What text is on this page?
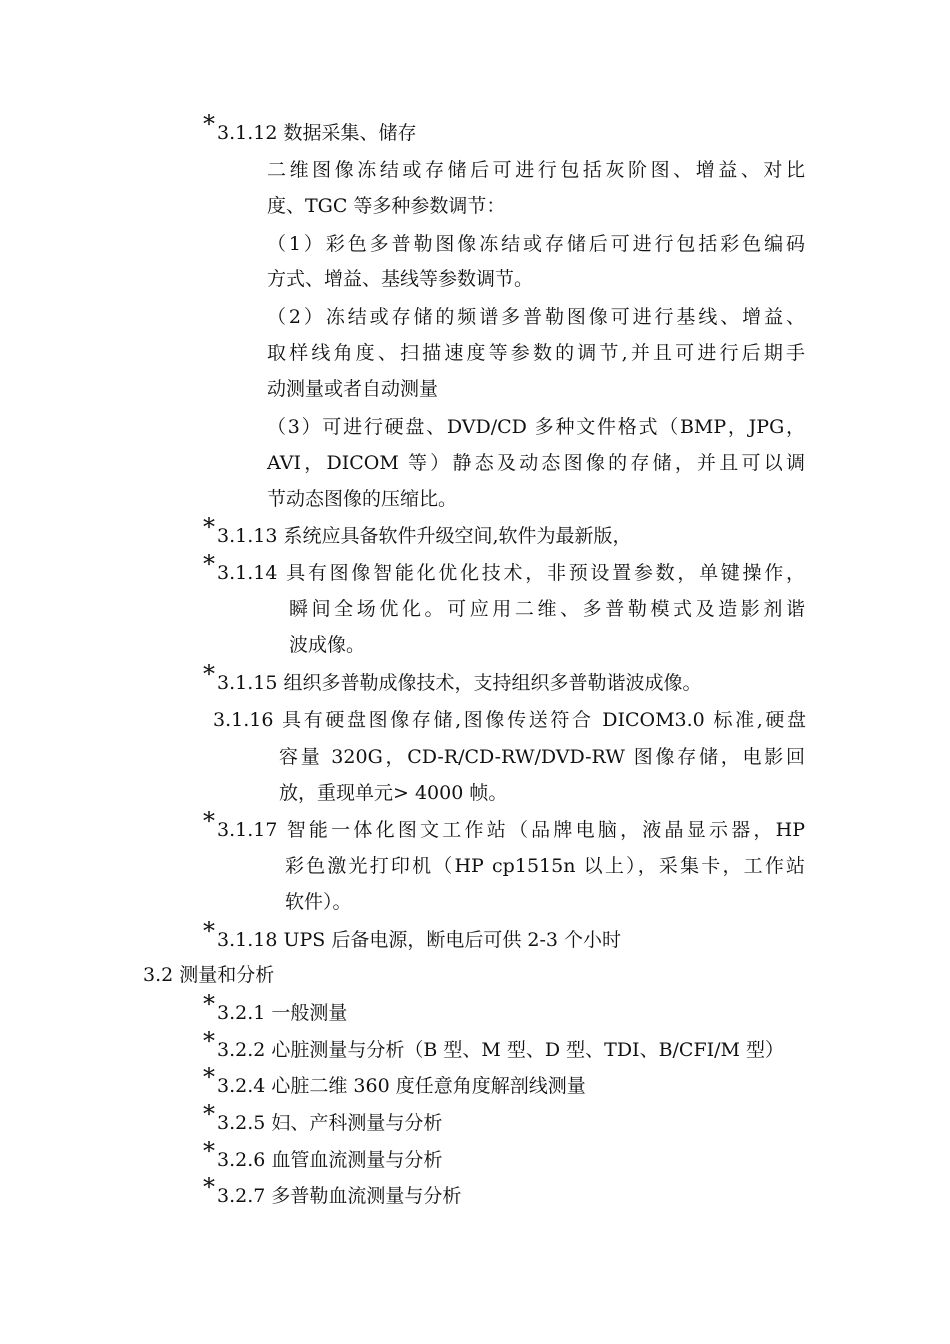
* 3.1.12 数据采集、储存
二维图像冻结或存储后可进行包括灰阶图、增益、对比
度、TGC 等多种参数调节：
（1）彩色多普勒图像冻结或存储后可进行包括彩色编码
方式、增益、基线等参数调节。
（2）冻结或存储的频谱多普勒图像可进行基线、增益、
取样线角度、扫描速度等参数的调节,并且可进行后期手
动测量或者自动测量
（3）可进行硬盘、DVD/CD 多种文件格式（BMP，JPG，
AVI，DICOM 等）静态及动态图像的存储，并且可以调
节动态图像的压缩比。
* 3.1.13 系统应具备软件升级空间,软件为最新版，
* 3.1.14 具有图像智能化优化技术，非预设置参数，单键操作，
瞬间全场优化。可应用二维、多普勒模式及造影剂谐
波成像。
* 3.1.15 组织多普勒成像技术，支持组织多普勒谐波成像。
3.1.16 具有硬盘图像存储,图像传送符合 DICOM3.0 标准,硬盘
容量 320G，CD-R/CD-RW/DVD-RW 图像存储，电影回
放，重现单元> 4000 帧。
* 3.1.17 智能一体化图文工作站（品牌电脑，液晶显示器，HP
彩色激光打印机（HP cp1515n 以上），采集卡，工作站
软件）。
* 3.1.18 UPS 后备电源，断电后可供 2-3 个小时
3.2 测量和分析
* 3.2.1 一般测量
* 3.2.2 心脏测量与分析（B 型、M 型、D 型、TDI、B/CFI/M 型）
* 3.2.4 心脏二维 360 度任意角度解剖线测量
* 3.2.5 妇、产科测量与分析
* 3.2.6 血管血流测量与分析
* 3.2.7 多普勒血流测量与分析
